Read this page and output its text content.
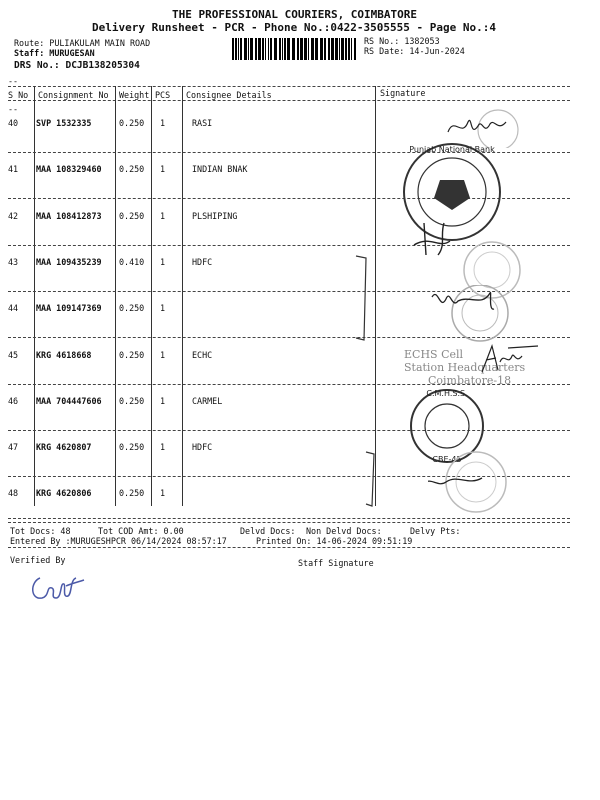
THE PROFESSIONAL COURIERS, COIMBATORE
Delivery Runsheet - PCR - Phone No.:0422-3505555 - Page No.:4
Route: PULIAKULAM MAIN ROAD
Staff: MURUGESAN
DRS No.: DCJB138205304
RS No.: 1382053
RS Date: 14-Jun-2024
--
S No Consignment No Weight PCS Consignee Details	Signature
--
40 SVP 1532335	0.250 1	RASI
41 MAA 108329460 0.250 1	INDIAN BNAK
42 MAA 108412873 0.250 1	PLSHIPING
43 MAA 109435239 0.410 1	HDFC
44 MAA 109147369 0.250 1
45 KRG 4618668	0.250 1	ECHC
46 MAA 704447606 0.250 1	CARMEL
47 KRG 4620807	0.250 1	HDFC
48 KRG 4620806	0.250 1
Tot Docs: 48	Tot COD Amt: 0.00	Delvd Docs: Non Delvd Docs:	Delvy Pts:
Entered By :MURUGESHPCR 06/14/2024 08:57:17	Printed On: 14-06-2024 09:51:19
Verified By	Staff Signature
Punjab National Bank
ECHS Cell
Station Headquarters
Coimbatore-18
C.M.H.S.S.
CBE-45
